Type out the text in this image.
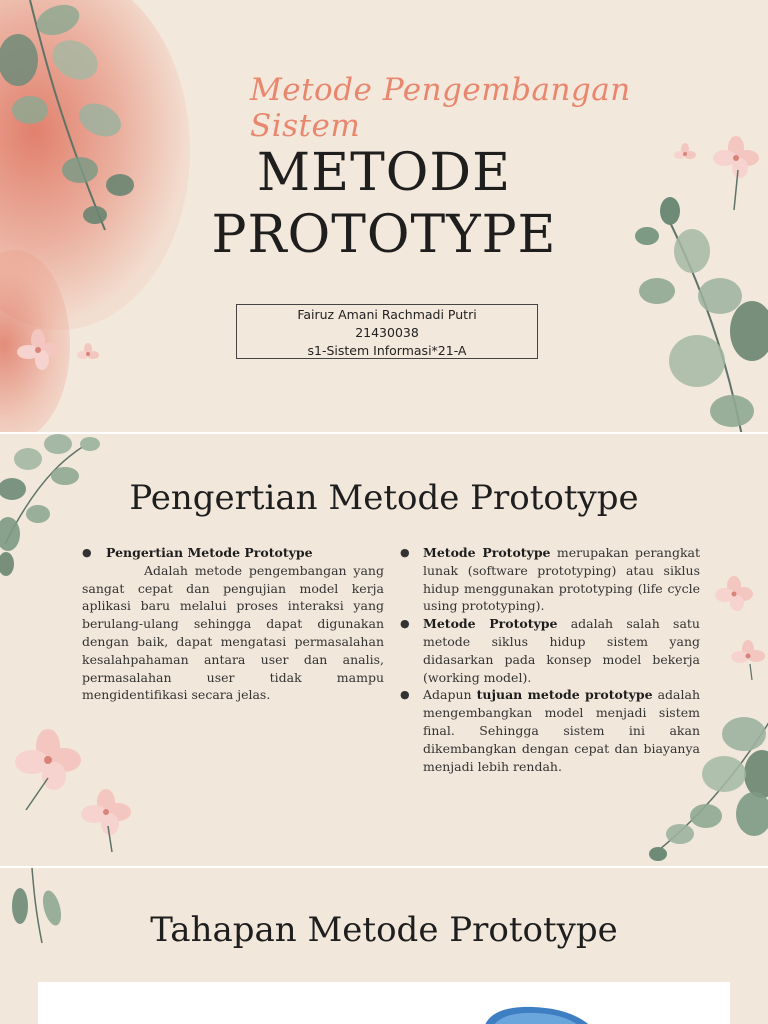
Metode Pengembangan Sistem
METODE
PROTOTYPE
Fairuz Amani Rachmadi Putri
21430038
s1-Sistem Informasi*21-A
Pengertian Metode Prototype
● Pengertian Metode Prototype
Adalah metode pengembangan yang sangat cepat dan pengujian model kerja aplikasi baru melalui proses interaksi yang berulang-ulang sehingga dapat digunakan dengan baik, dapat mengatasi permasalahan kesalahpahaman antara user dan analis, permasalahan user tidak mampu mengidentifikasi secara jelas.
● Metode Prototype merupakan perangkat lunak (software prototyping) atau siklus hidup menggunakan prototyping (life cycle using prototyping).
● Metode Prototype adalah salah satu metode siklus hidup sistem yang didasarkan pada konsep model bekerja (working model).
● Adapun tujuan metode prototype adalah mengembangkan model menjadi sistem final. Sehingga sistem ini akan dikembangkan dengan cepat dan biayanya menjadi lebih rendah.
Tahapan Metode Prototype
